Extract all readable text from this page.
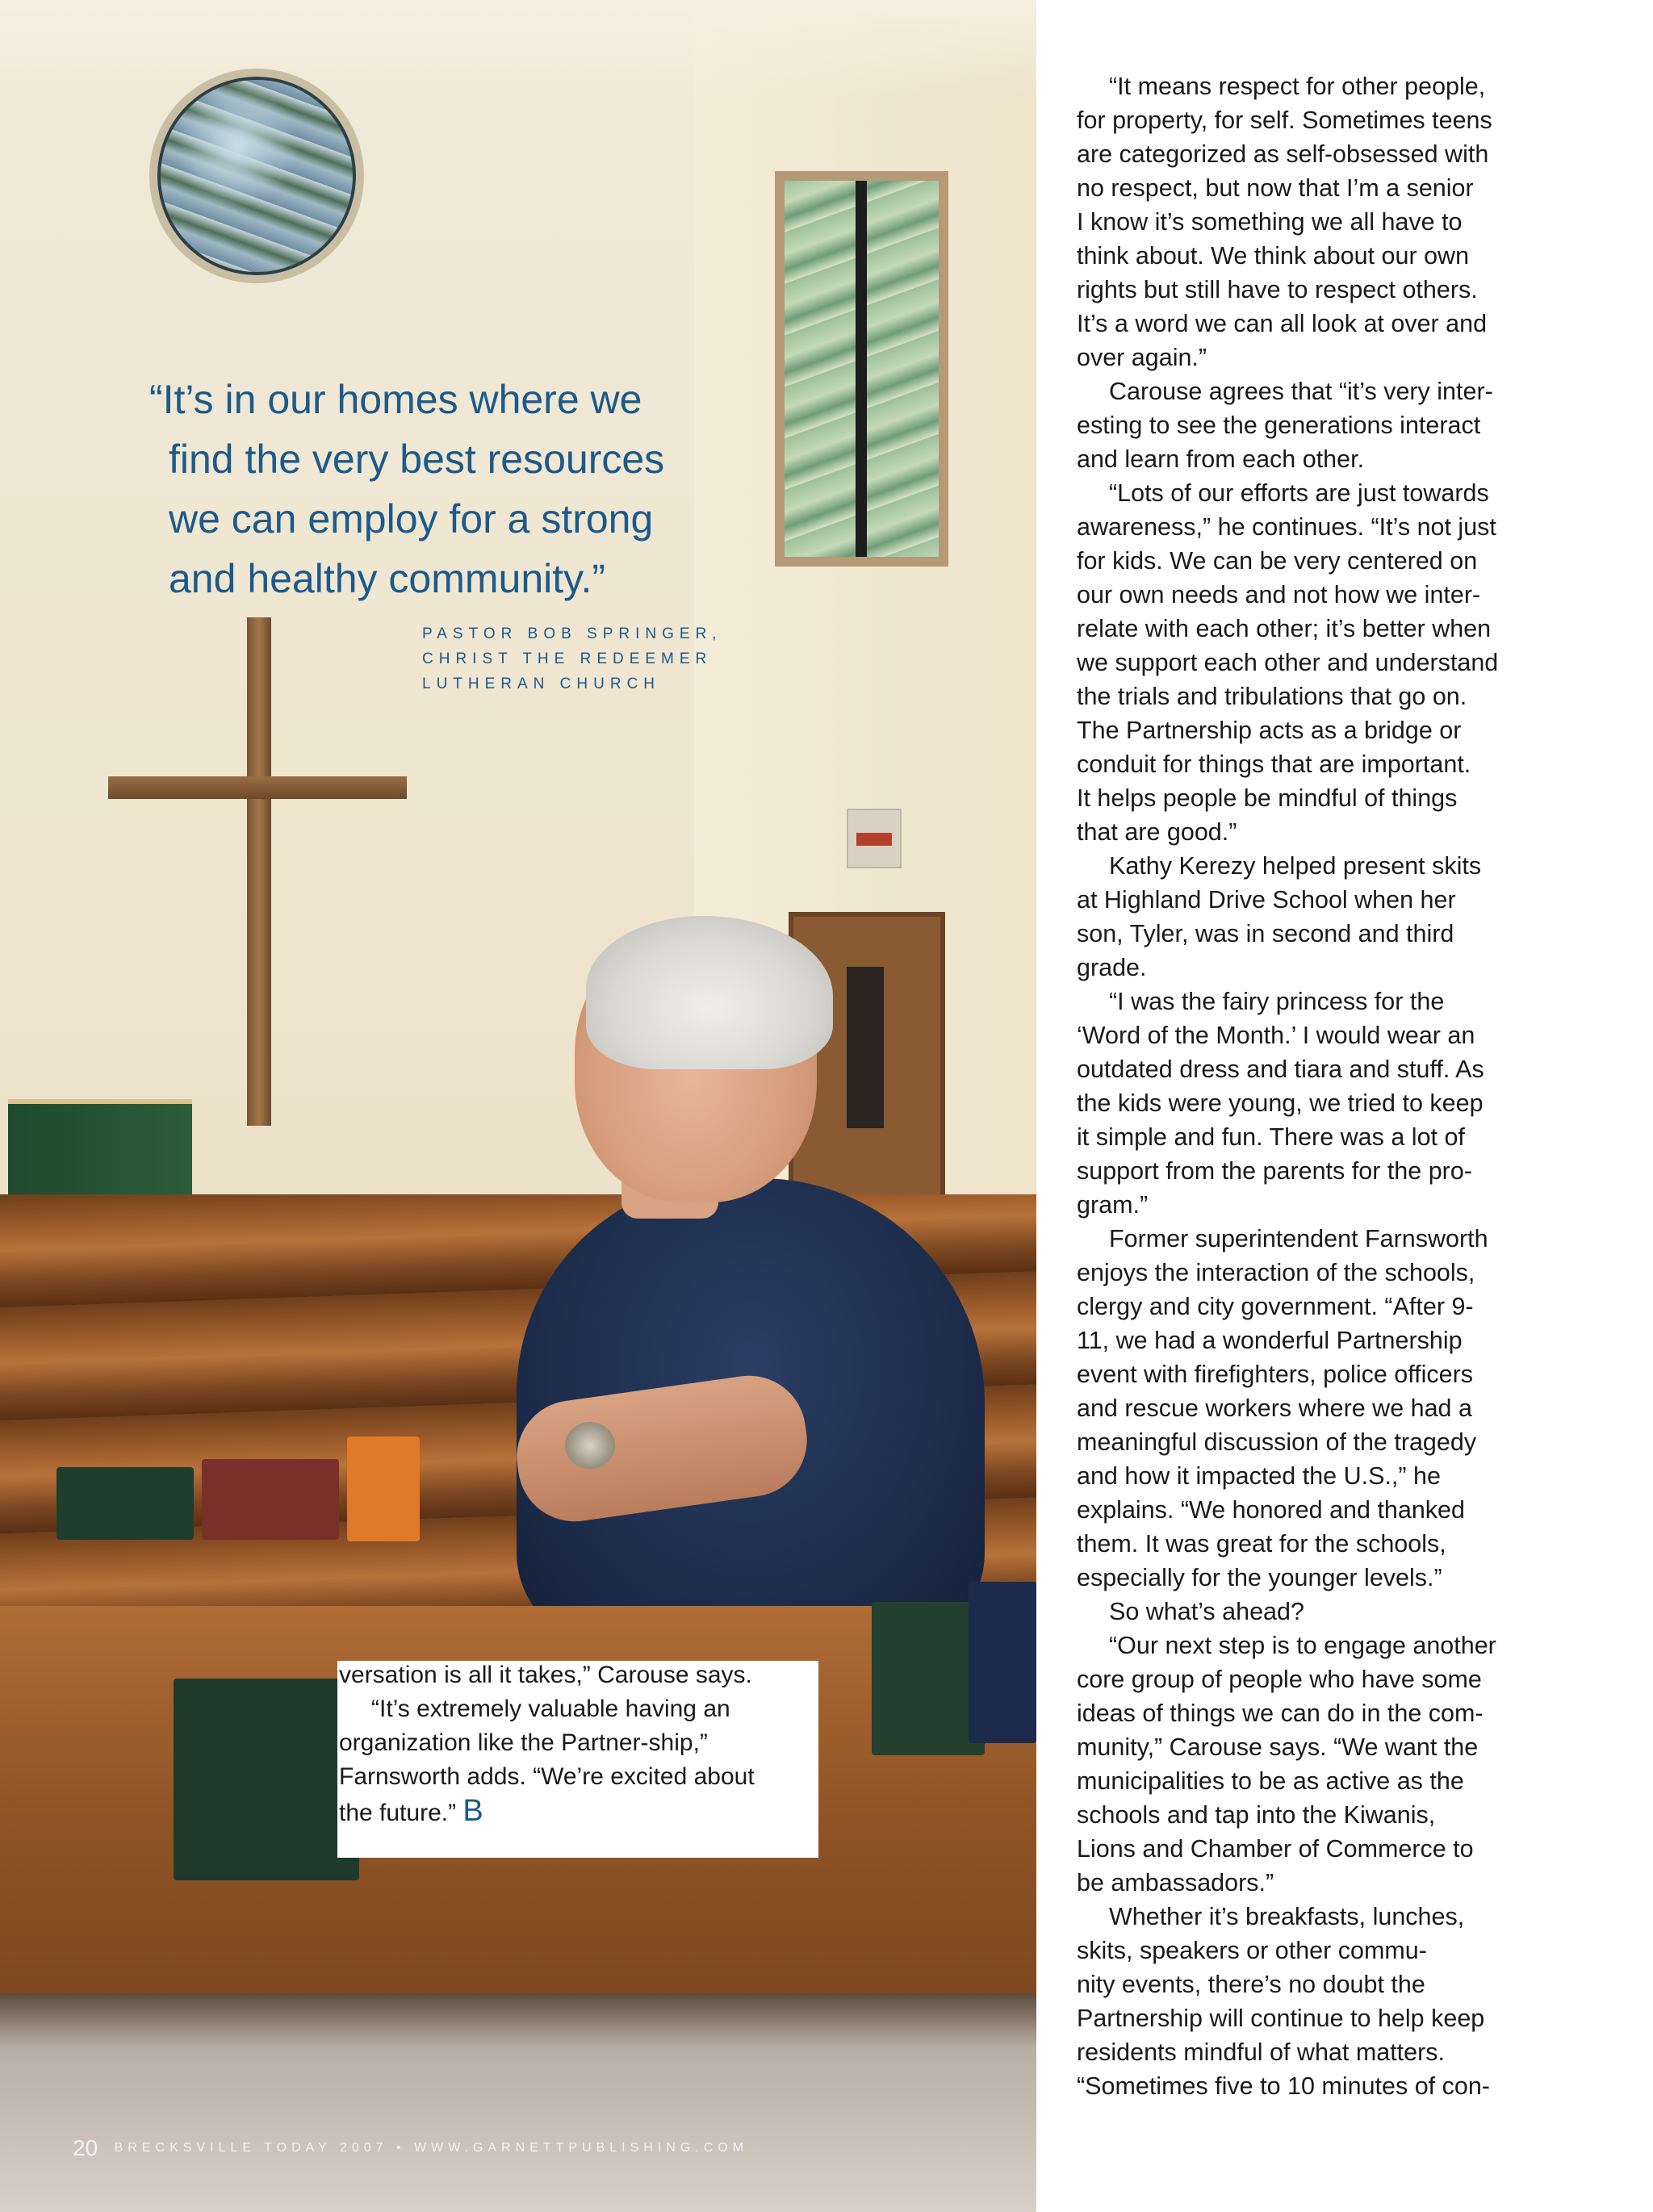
“It’s in our homes where we
find the very best resources
we can employ for a strong
and healthy community.”
PASTOR BOB SPRINGER,
CHRIST THE REDEEMER
LUTHERAN CHURCH
versation is all it takes,” Carouse says.
“It’s extremely valuable having an
organization like the Partner-ship,”
Farnsworth adds. “We’re excited about
the future.” B
“It means respect for other people,
for property, for self. Sometimes teens
are categorized as self-obsessed with
no respect, but now that I’m a senior
I know it’s something we all have to
think about. We think about our own
rights but still have to respect others.
It’s a word we can all look at over and
over again.”
Carouse agrees that “it’s very inter-
esting to see the generations interact
and learn from each other.
“Lots of our efforts are just towards
awareness,” he continues. “It’s not just
for kids. We can be very centered on
our own needs and not how we inter-
relate with each other; it’s better when
we support each other and understand
the trials and tribulations that go on.
The Partnership acts as a bridge or
conduit for things that are important.
It helps people be mindful of things
that are good.”
Kathy Kerezy helped present skits
at Highland Drive School when her
son, Tyler, was in second and third
grade.
“I was the fairy princess for the
‘Word of the Month.’ I would wear an
outdated dress and tiara and stuff. As
the kids were young, we tried to keep
it simple and fun. There was a lot of
support from the parents for the pro-
gram.”
Former superintendent Farnsworth
enjoys the interaction of the schools,
clergy and city government. “After 9-
11, we had a wonderful Partnership
event with firefighters, police officers
and rescue workers where we had a
meaningful discussion of the tragedy
and how it impacted the U.S.,” he
explains. “We honored and thanked
them. It was great for the schools,
especially for the younger levels.”
So what’s ahead?
“Our next step is to engage another
core group of people who have some
ideas of things we can do in the com-
munity,” Carouse says. “We want the
municipalities to be as active as the
schools and tap into the Kiwanis,
Lions and Chamber of Commerce to
be ambassadors.”
Whether it’s breakfasts, lunches,
skits, speakers or other commu-
nity events, there’s no doubt the
Partnership will continue to help keep
residents mindful of what matters.
“Sometimes five to 10 minutes of con-
20 BRECKSVILLE TODAY 2007 • WWW.GARNETTPUBLISHING.COM
